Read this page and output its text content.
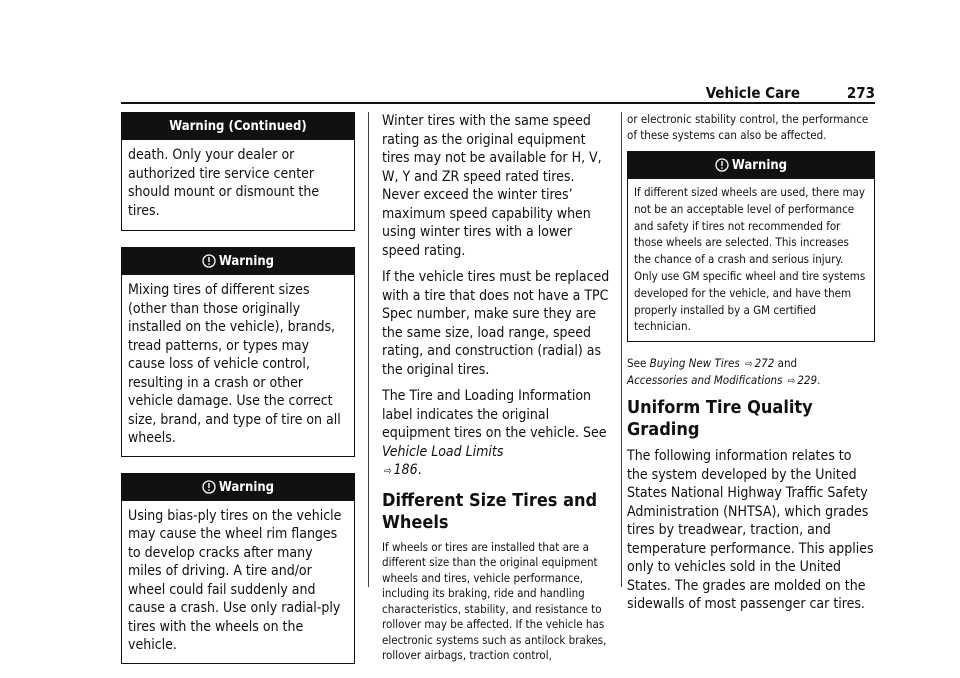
Vehicle Care	273
Warning (Continued)
death. Only your dealer or authorized tire service center should mount or dismount the tires.
Warning
Mixing tires of different sizes (other than those originally installed on the vehicle), brands, tread patterns, or types may cause loss of vehicle control, resulting in a crash or other vehicle damage. Use the correct size, brand, and type of tire on all wheels.
Warning
Using bias-ply tires on the vehicle may cause the wheel rim flanges to develop cracks after many miles of driving. A tire and/or wheel could fail suddenly and cause a crash. Use only radial-ply tires with the wheels on the vehicle.

Winter tires with the same speed rating as the original equipment tires may not be available for H, V, W, Y and ZR speed rated tires. Never exceed the winter tires’ maximum speed capability when using winter tires with a lower speed rating.

If the vehicle tires must be replaced with a tire that does not have a TPC Spec number, make sure they are the same size, load range, speed rating, and construction (radial) as the original tires.

The Tire and Loading Information label indicates the original equipment tires on the vehicle. See Vehicle Load Limits
⇨ 186.

Different Size Tires and Wheels

If wheels or tires are installed that are a different size than the original equipment wheels and tires, vehicle performance, including its braking, ride and handling characteristics, stability, and resistance to rollover may be affected. If the vehicle has electronic systems such as antilock brakes, rollover airbags, traction control,

or electronic stability control, the performance of these systems can also be affected.

Warning
If different sized wheels are used, there may not be an acceptable level of performance and safety if tires not recommended for those wheels are selected. This increases the chance of a crash and serious injury. Only use GM specific wheel and tire systems developed for the vehicle, and have them properly installed by a GM certified technician.

See Buying New Tires ⇨ 272 and
Accessories and Modifications ⇨ 229.

Uniform Tire Quality Grading

The following information relates to the system developed by the United States National Highway Traffic Safety Administration (NHTSA), which grades tires by treadwear, traction, and temperature performance. This applies only to vehicles sold in the United States. The grades are molded on the sidewalls of most passenger car tires.
